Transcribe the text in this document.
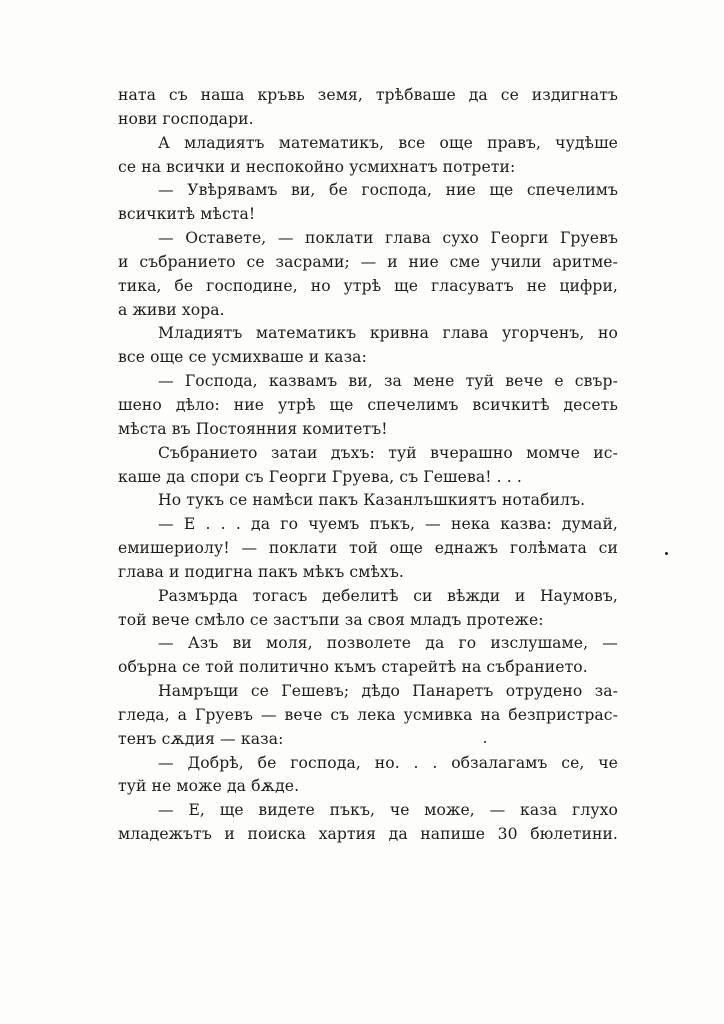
ната съ наша кръвь земя, трѣбваше да се издигнатъ
нови господари.
А младиятъ математикъ, все още правъ, чудѣше
се на всички и неспокойно усмихнатъ потрети:
— Увѣрявамъ ви, бе господа, ние ще спечелимъ
всичкитѣ мѣста!
— Оставете, — поклати глава сухо Георги Груевъ
и събранието се засрами; — и ние сме учили аритме-
тика, бе господине, но утрѣ ще гласуватъ не цифри,
а живи хора.
Младиятъ математикъ кривна глава угорченъ, но
все още се усмихваше и каза:
— Господа, казвамъ ви, за мене туй вече е свър-
шено дѣло: ние утрѣ ще спечелимъ всичкитѣ десеть
мѣста въ Постоянния комитетъ!
Събранието затаи дъхъ: туй вчерашно момче ис-
каше да спори съ Георги Груева, съ Гешева! . . .
Но тукъ се намѣси пакъ Казанлъшкиятъ нотабилъ.
— Е . . . да го чуемъ пъкъ, — нека казва: думай,
емишериолу! — поклати той още еднажъ голѣмата си
глава и подигна пакъ мѣкъ смѣхъ.
Размърда тогасъ дебелитѣ си вѣжди и Наумовъ,
той вече смѣло се застъпи за своя младъ протеже:
— Азъ ви моля, позволете да го изслушаме, —
обърна се той политично къмъ старейтѣ на събранието.
Намръщи се Гешевъ; дѣдо Панаретъ отрудено за-
гледа, а Груевъ — вече съ лека усмивка на безпристрас-
тенъ сѫдия — каза:
— Добрѣ, бе господа, но. . . обзалагамъ се, че
туй не може да бѫде.
— Е, ще видете пъкъ, че може, — каза глухо
младежътъ и поиска хартия да напише 30 бюлетини.
